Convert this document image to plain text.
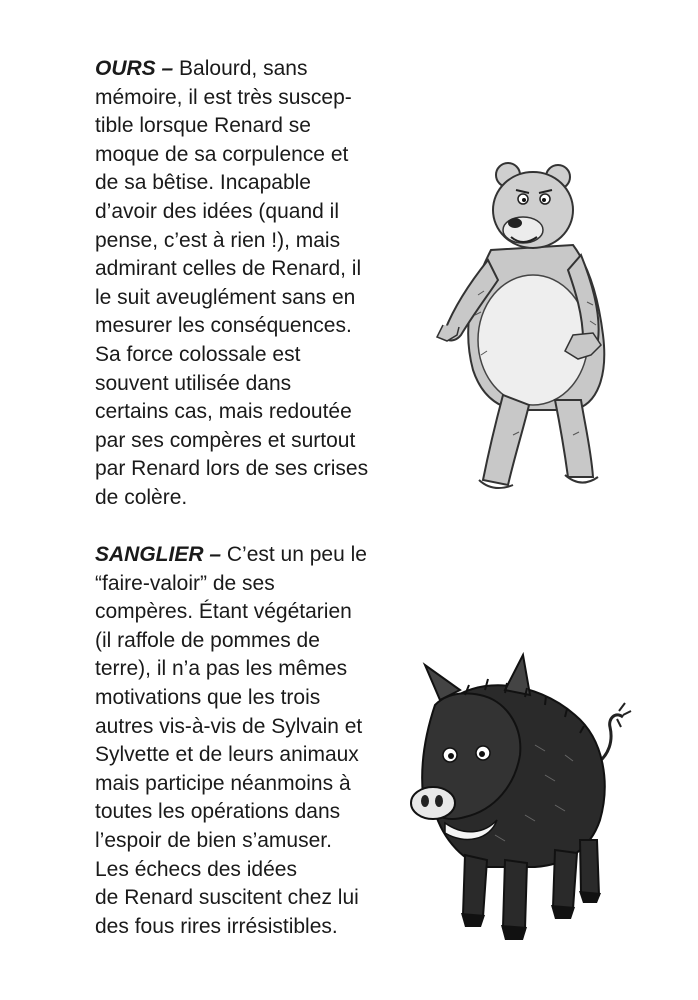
OURS – Balourd, sans
mémoire, il est très suscep-
tible lorsque Renard se
moque de sa corpulence et
de sa bêtise. Incapable
d’avoir des idées (quand il
pense, c’est à rien !), mais
admirant celles de Renard, il
le suit aveuglément sans en
mesurer les conséquences.
Sa force colossale est
souvent utilisée dans
certains cas, mais redoutée
par ses compères et surtout
par Renard lors de ses crises
de colère.

SANGLIER – C’est un peu le
“faire-valoir” de ses
compères. Étant végétarien
(il raffole de pommes de
terre), il n’a pas les mêmes
motivations que les trois
autres vis-à-vis de Sylvain et
Sylvette et de leurs animaux
mais participe néanmoins à
toutes les opérations dans
l’espoir de bien s’amuser.
Les échecs des idées
de Renard suscitent chez lui
des fous rires irrésistibles.
